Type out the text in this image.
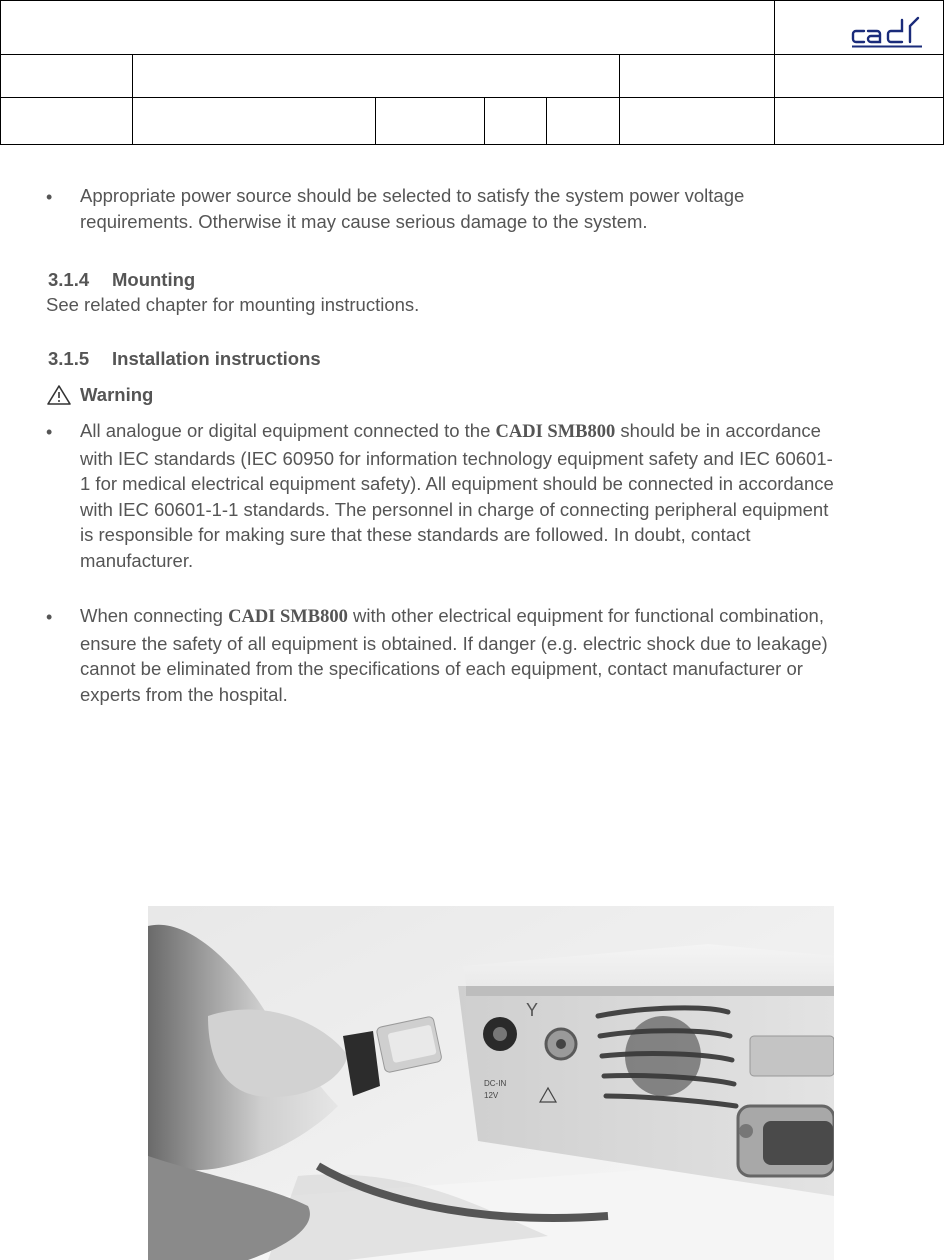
• Appropriate power source should be selected to satisfy the system power voltage requirements. Otherwise it may cause serious damage to the system.

3.1.4 Mounting

See related chapter for mounting instructions.

3.1.5 Installation instructions

Warning
• All analogue or digital equipment connected to the CADI SMB800 should be in accordance with IEC standards (IEC 60950 for information technology equipment safety and IEC 60601-1 for medical electrical equipment safety). All equipment should be connected in accordance with IEC 60601-1-1 standards. The personnel in charge of connecting peripheral equipment is responsible for making sure that these standards are followed. In doubt, contact manufacturer.

• When connecting CADI SMB800 with other electrical equipment for functional combination, ensure the safety of all equipment is obtained. If danger (e.g. electric shock due to leakage) cannot be eliminated from the specifications of each equipment, contact manufacturer or experts from the hospital.

Y
DC-IN
12V
